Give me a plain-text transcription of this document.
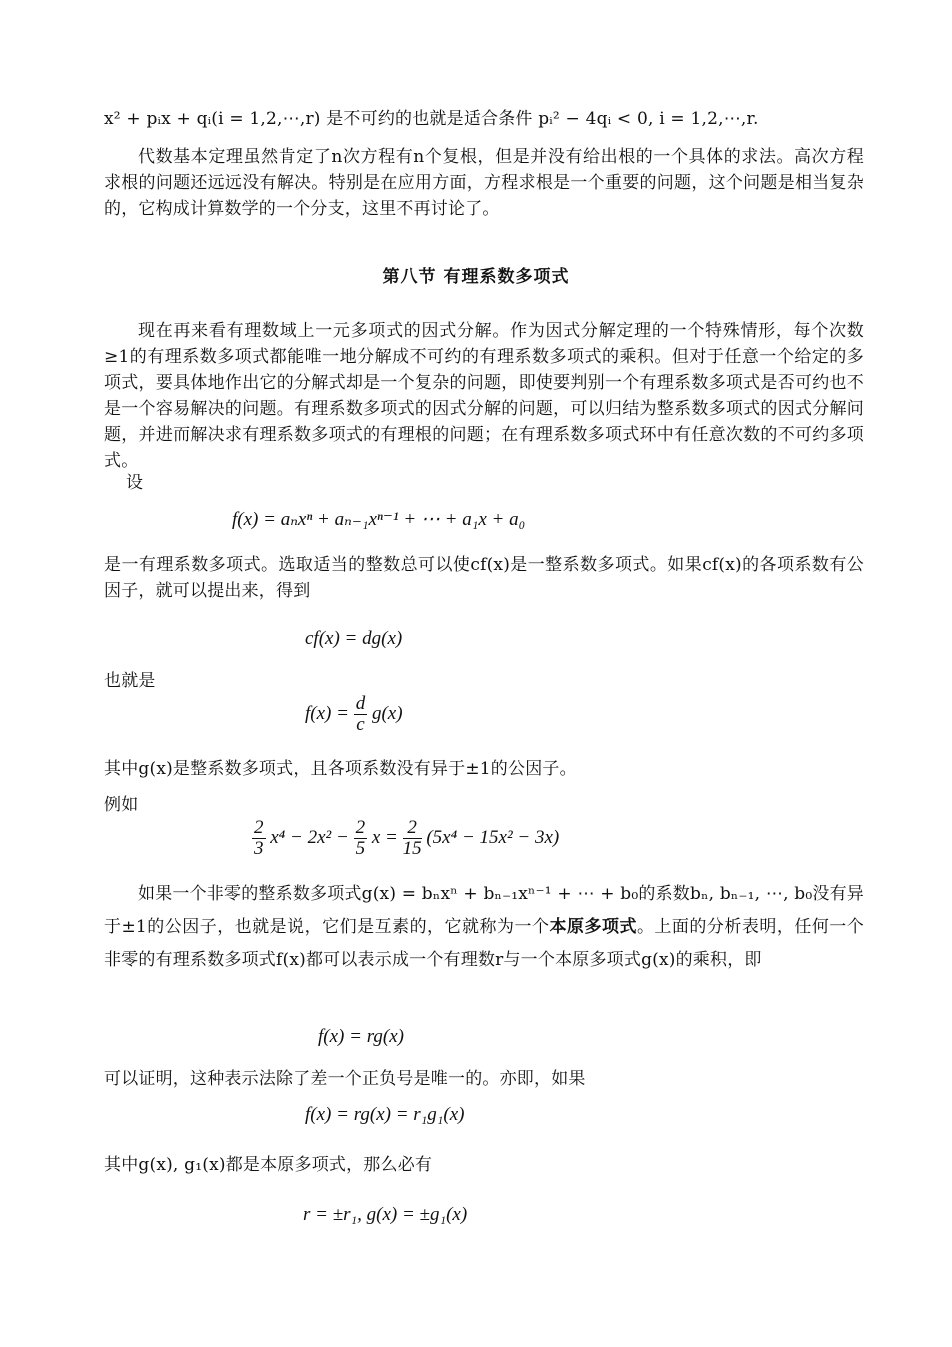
x² + pᵢx + qᵢ(i = 1,2,⋯,r) 是不可约的也就是适合条件 pᵢ² − 4qᵢ < 0, i = 1,2,⋯,r.

代数基本定理虽然肯定了n次方程有n个复根，但是并没有给出根的一个具体的求法。高次方程求根的问题还远远没有解决。特别是在应用方面，方程求根是一个重要的问题，这个问题是相当复杂的，它构成计算数学的一个分支，这里不再讨论了。

第八节 有理系数多项式

现在再来看有理数域上一元多项式的因式分解。作为因式分解定理的一个特殊情形，每个次数≥1的有理系数多项式都能唯一地分解成不可约的有理系数多项式的乘积。但对于任意一个给定的多项式，要具体地作出它的分解式却是一个复杂的问题，即使要判别一个有理系数多项式是否可约也不是一个容易解决的问题。有理系数多项式的因式分解的问题，可以归结为整系数多项式的因式分解问题，并进而解决求有理系数多项式的有理根的问题；在有理系数多项式环中有任意次数的不可约多项式。

设

f(x) = aₙxⁿ + aₙ₋₁xⁿ⁻¹ + ⋯ + a₁x + a₀

是一有理系数多项式。选取适当的整数总可以使cf(x)是一整系数多项式。如果cf(x)的各项系数有公因子，就可以提出来，得到

cf(x) = dg(x)

也就是

$f(x) = \frac{d}{c} g(x)$

其中g(x)是整系数多项式，且各项系数没有异于±1的公因子。

例如

$\frac{2}{3} x^4 - 2x^2 - \frac{2}{5}$ $x = \frac{2}{15} (5x^4 - 15x^2 - 3x)$

如果一个非零的整系数多项式g(x) = bₙxⁿ + bₙ₋₁xⁿ⁻¹ + ⋯ + b₀的系数bₙ, bₙ₋₁, ⋯, b₀没有异于±1的公因子，也就是说，它们是互素的，它就称为一个本原多项式。上面的分析表明，任何一个非零的有理系数多项式f(x)都可以表示成一个有理数r与一个本原多项式g(x)的乘积，即

f(x) = rg(x)

可以证明，这种表示法除了差一个正负号是唯一的。亦即，如果

f(x) = rg(x) = r₁g₁(x)

其中g(x), g₁(x)都是本原多项式，那么必有

r = ±r₁, g(x) = ±g₁(x)
